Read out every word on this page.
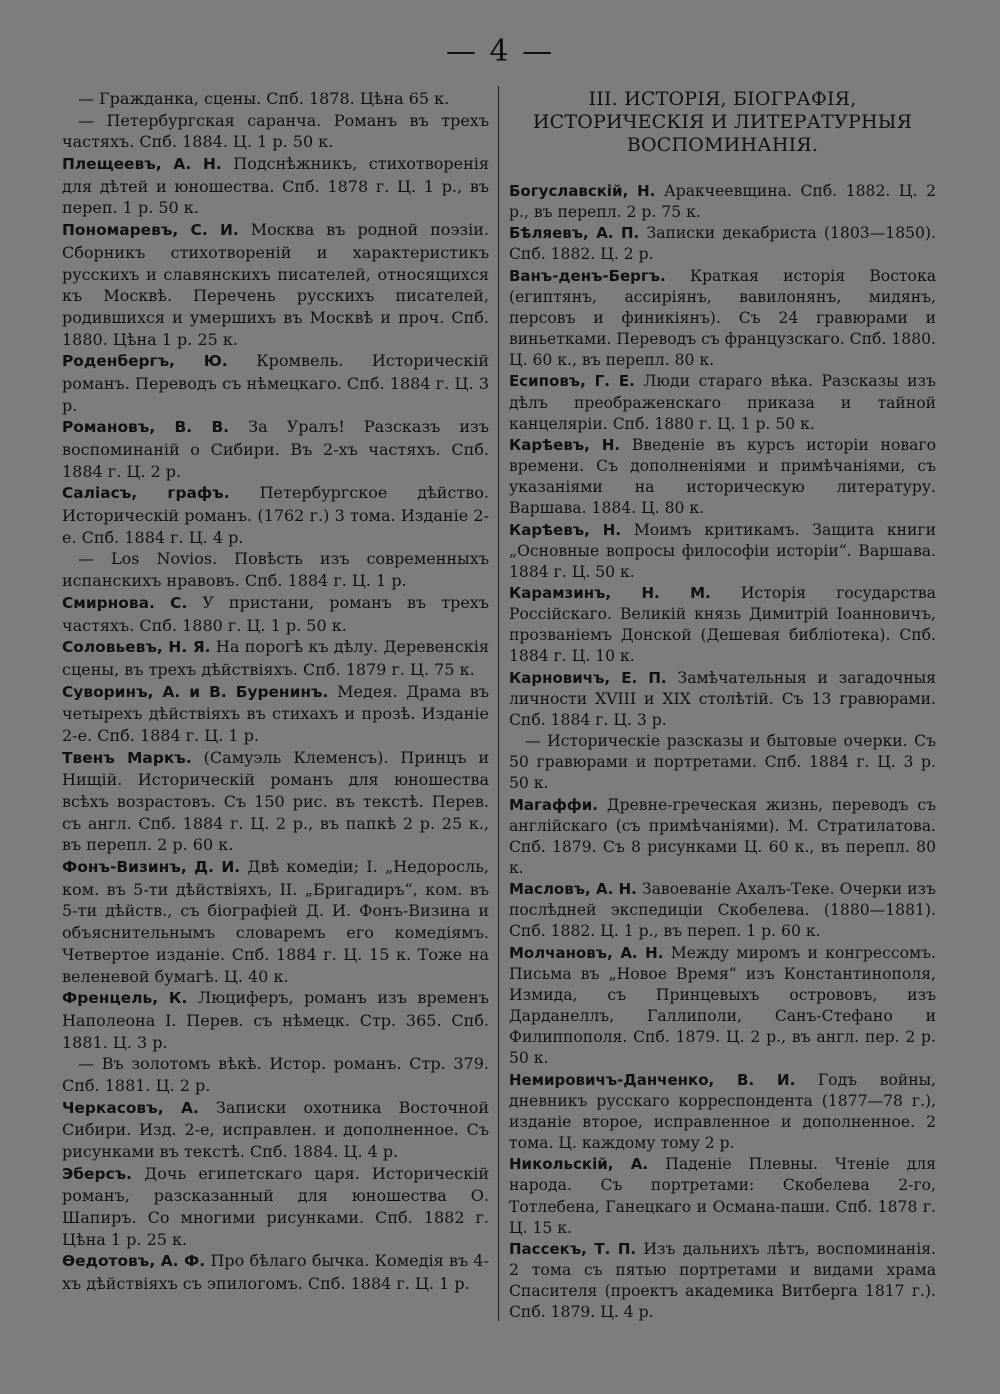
— 4 —
— Гражданка, сцены. Спб. 1878. Цѣна 65 к.
— Петербургская саранча. Романъ въ трехъ частяхъ. Спб. 1884. Ц. 1 р. 50 к.
Плещеевъ, А. Н. Подснѣжникъ, стихотворенія для дѣтей и юношества. Спб. 1878 г. Ц. 1 р., въ переп. 1 р. 50 к.
Пономаревъ, С. И. Москва въ родной поэзіи. Сборникъ стихотвореній и характеристикъ русскихъ и славянскихъ писателей, относящихся къ Москвѣ. Перечень русскихъ писателей, родившихся и умершихъ въ Москвѣ и проч. Спб. 1880. Цѣна 1 р. 25 к.
Роденбергъ, Ю. Кромвель. Историческій романъ. Переводъ съ нѣмецкаго. Спб. 1884 г. Ц. 3 р.
Романовъ, В. В. За Уралъ! Разсказъ изъ воспоминаній о Сибири. Въ 2-хъ частяхъ. Спб. 1884 г. Ц. 2 р.
Саліасъ, графъ. Петербургское дѣйство. Историческій романъ. (1762 г.) 3 тома. Изданіе 2-е. Спб. 1884 г. Ц. 4 р.
— Los Novios. Повѣсть изъ современныхъ испанскихъ нравовъ. Спб. 1884 г. Ц. 1 р.
Смирнова. С. У пристани, романъ въ трехъ частяхъ. Спб. 1880 г. Ц. 1 р. 50 к.
Соловьевъ, Н. Я. На порогѣ къ дѣлу. Деревенскія сцены, въ трехъ дѣйствіяхъ. Спб. 1879 г. Ц. 75 к.
Суворинъ, А. и В. Буренинъ. Медея. Драма въ четырехъ дѣйствіяхъ въ стихахъ и прозѣ. Изданіе 2-е. Спб. 1884 г. Ц. 1 р.
Твенъ Маркъ. (Самуэль Клеменсъ). Принцъ и Нищій. Историческій романъ для юношества всѣхъ возрастовъ. Съ 150 рис. въ текстѣ. Перев. съ англ. Спб. 1884 г. Ц. 2 р., въ папкѣ 2 р. 25 к., въ перепл. 2 р. 60 к.
Фонъ-Визинъ, Д. И. Двѣ комедіи; I. „Недоросль, ком. въ 5-ти дѣйствіяхъ, II. „Бригадиръ“, ком. въ 5-ти дѣйств., съ біографіей Д. И. Фонъ-Визина и объяснительнымъ словаремъ его комедіямъ. Четвертое изданіе. Спб. 1884 г. Ц. 15 к. Тоже на веленевой бумагѣ. Ц. 40 к.
Френцель, К. Люциферъ, романъ изъ временъ Наполеона I. Перев. съ нѣмецк. Стр. 365. Спб. 1881. Ц. 3 р.
— Въ золотомъ вѣкѣ. Истор. романъ. Стр. 379. Спб. 1881. Ц. 2 р.
Черкасовъ, А. Записки охотника Восточной Сибири. Изд. 2-е, исправлен. и дополненное. Съ рисунками въ текстѣ. Спб. 1884. Ц. 4 р.
Эберсъ. Дочь египетскаго царя. Историческій романъ, разсказанный для юношества О. Шапиръ. Со многими рисунками. Спб. 1882 г. Цѣна 1 р. 25 к.
Ѳедотовъ, А. Ф. Про бѣлаго бычка. Комедія въ 4-хъ дѣйствіяхъ съ эпилогомъ. Спб. 1884 г. Ц. 1 р.
III. ИСТОРІЯ, БІОГРАФІЯ, ИСТОРИЧЕСКІЯ И ЛИТЕРАТУРНЫЯ ВОСПОМИНАНІЯ.
Богуславскій, Н. Аракчеевщина. Спб. 1882. Ц. 2 р., въ перепл. 2 р. 75 к.
Бѣляевъ, А. П. Записки декабриста (1803—1850). Спб. 1882. Ц. 2 р.
Ванъ-денъ-Бергъ. Краткая исторія Востока (египтянъ, ассиріянъ, вавилонянъ, мидянъ, персовъ и финикіянъ). Съ 24 гравюрами и виньетками. Переводъ съ французскаго. Спб. 1880. Ц. 60 к., въ перепл. 80 к.
Есиповъ, Г. Е. Люди стараго вѣка. Разсказы изъ дѣлъ преображенскаго приказа и тайной канцеляріи. Спб. 1880 г. Ц. 1 р. 50 к.
Карѣевъ, Н. Введеніе въ курсъ исторіи новаго времени. Съ дополненіями и примѣчаніями, съ указаніями на историческую литературу. Варшава. 1884. Ц. 80 к.
Карѣевъ, Н. Моимъ критикамъ. Защита книги „Основные вопросы философіи исторіи“. Варшава. 1884 г. Ц. 50 к.
Карамзинъ, Н. М. Исторія государства Россійскаго. Великій князь Димитрій Іоанновичъ, прозваніемъ Донской (Дешевая библіотека). Спб. 1884 г. Ц. 10 к.
Карновичъ, Е. П. Замѣчательныя и загадочныя личности XVIII и XIX столѣтій. Съ 13 гравюрами. Спб. 1884 г. Ц. 3 р.
— Историческіе разсказы и бытовые очерки. Съ 50 гравюрами и портретами. Спб. 1884 г. Ц. 3 р. 50 к.
Магаффи. Древне-греческая жизнь, переводъ съ англійскаго (съ примѣчаніями). М. Стратилатова. Спб. 1879. Съ 8 рисунками Ц. 60 к., въ перепл. 80 к.
Масловъ, А. Н. Завоеваніе Ахалъ-Теке. Очерки изъ послѣдней экспедиціи Скобелева. (1880—1881). Спб. 1882. Ц. 1 р., въ переп. 1 р. 60 к.
Молчановъ, А. Н. Между миромъ и конгрессомъ. Письма въ „Новое Время“ изъ Константинополя, Измида, съ Принцевыхъ острововъ, изъ Дарданеллъ, Галлиполи, Санъ-Стефано и Филиппополя. Спб. 1879. Ц. 2 р., въ англ. пер. 2 р. 50 к.
Немировичъ-Данченко, В. И. Годъ войны, дневникъ русскаго корреспондента (1877—78 г.), изданіе второе, исправленное и дополненное. 2 тома. Ц. каждому тому 2 р.
Никольскій, А. Паденіе Плевны. Чтеніе для народа. Съ портретами: Скобелева 2-го, Тотлебена, Ганецкаго и Османа-паши. Спб. 1878 г. Ц. 15 к.
Пассекъ, Т. П. Изъ дальнихъ лѣтъ, воспоминанія. 2 тома съ пятью портретами и видами храма Спасителя (проектъ академика Витберга 1817 г.). Спб. 1879. Ц. 4 р.
